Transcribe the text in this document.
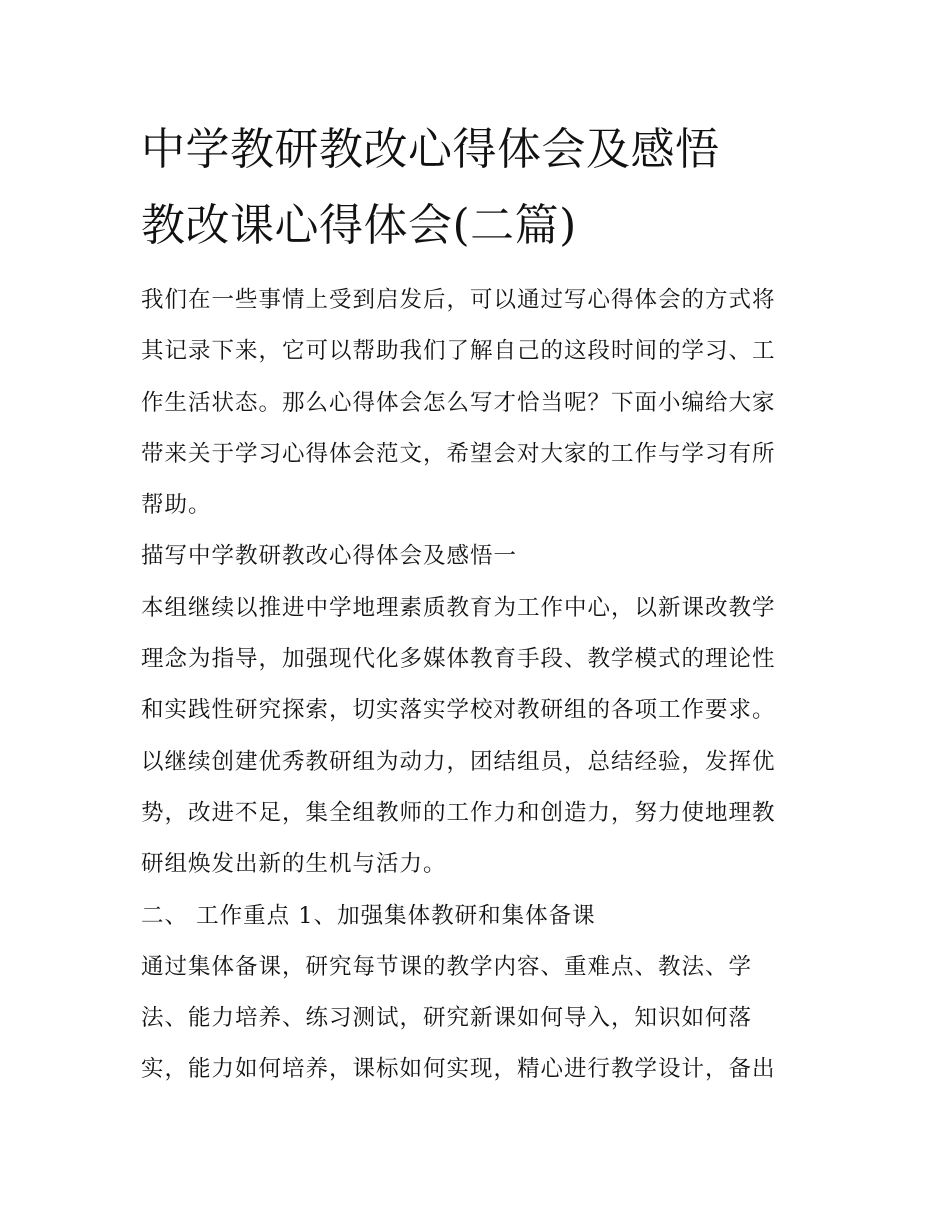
中学教研教改心得体会及感悟
教改课心得体会(二篇)

我们在一些事情上受到启发后，可以通过写心得体会的方式将
其记录下来，它可以帮助我们了解自己的这段时间的学习、工
作生活状态。那么心得体会怎么写才恰当呢？下面小编给大家
带来关于学习心得体会范文，希望会对大家的工作与学习有所
帮助。

描写中学教研教改心得体会及感悟一

本组继续以推进中学地理素质教育为工作中心，以新课改教学
理念为指导，加强现代化多媒体教育手段、教学模式的理论性
和实践性研究探索，切实落实学校对教研组的各项工作要求。
以继续创建优秀教研组为动力，团结组员，总结经验，发挥优
势，改进不足，集全组教师的工作力和创造力，努力使地理教
研组焕发出新的生机与活力。

二、 工作重点 1、加强集体教研和集体备课

通过集体备课，研究每节课的教学内容、重难点、教法、学
法、能力培养、练习测试，研究新课如何导入，知识如何落
实，能力如何培养，课标如何实现，精心进行教学设计，备出
